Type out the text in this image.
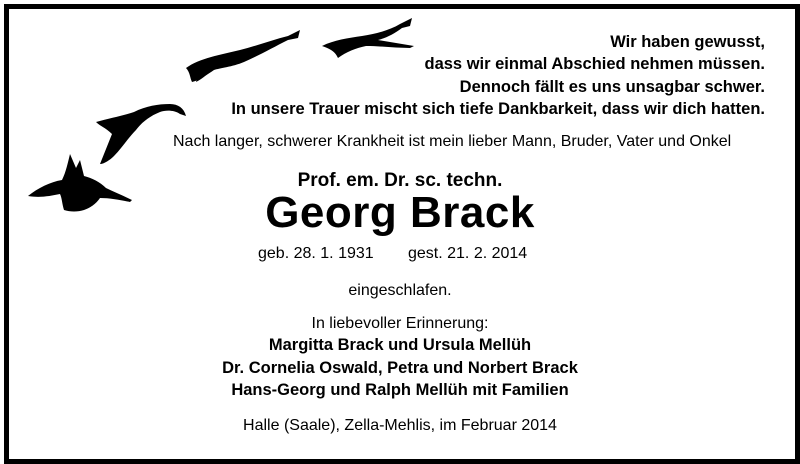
Wir haben gewusst,
dass wir einmal Abschied nehmen müssen.
Dennoch fällt es uns unsagbar schwer.
In unsere Trauer mischt sich tiefe Dankbarkeit, dass wir dich hatten.
Nach langer, schwerer Krankheit ist mein lieber Mann, Bruder, Vater und Onkel
Prof. em. Dr. sc. techn.
Georg Brack
geb. 28. 1. 1931 gest. 21. 2. 2014
eingeschlafen.
In liebevoller Erinnerung:
Margitta Brack und Ursula Mellüh
Dr. Cornelia Oswald, Petra und Norbert Brack
Hans-Georg und Ralph Mellüh mit Familien
Halle (Saale), Zella-Mehlis, im Februar 2014
